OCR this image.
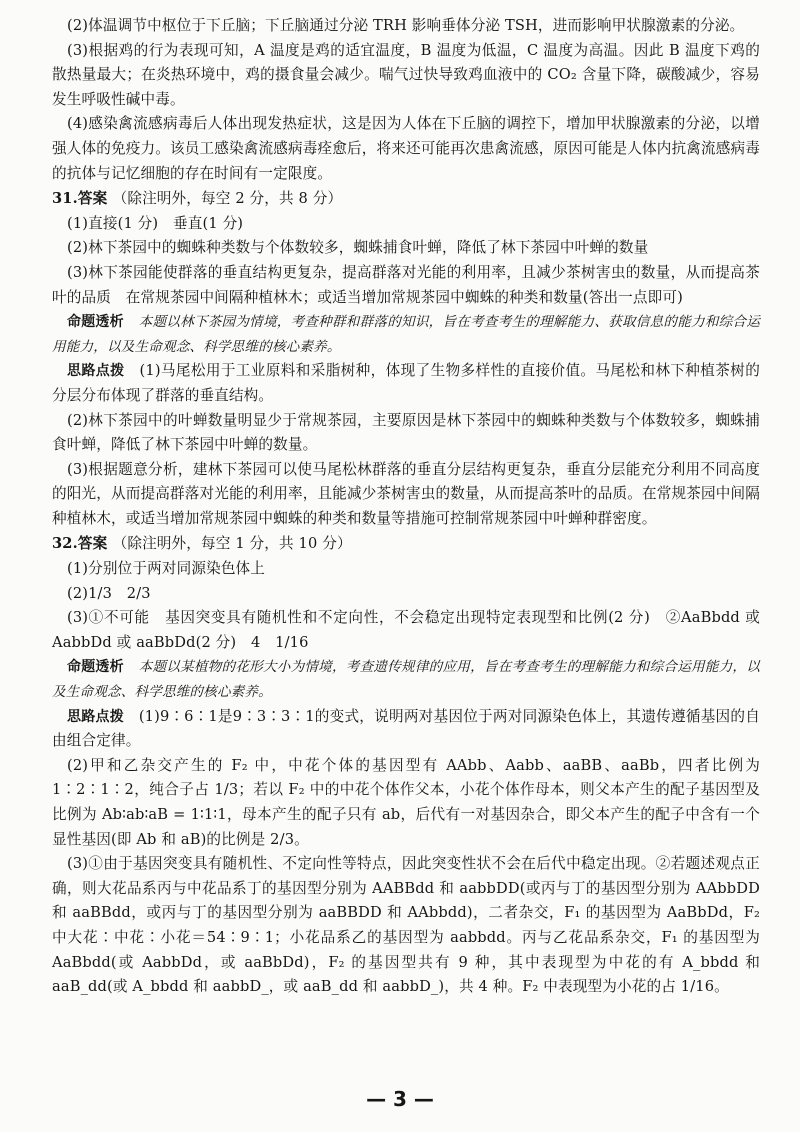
(2)体温调节中枢位于下丘脑；下丘脑通过分泌 TRH 影响垂体分泌 TSH，进而影响甲状腺激素的分泌。

(3)根据鸡的行为表现可知，A 温度是鸡的适宜温度，B 温度为低温，C 温度为高温。因此 B 温度下鸡的散热量最大；在炎热环境中，鸡的摄食量会减少。喘气过快导致鸡血液中的 CO₂ 含量下降，碳酸减少，容易发生呼吸性碱中毒。

(4)感染禽流感病毒后人体出现发热症状，这是因为人体在下丘脑的调控下，增加甲状腺激素的分泌，以增强人体的免疫力。该员工感染禽流感病毒痊愈后，将来还可能再次患禽流感，原因可能是人体内抗禽流感病毒的抗体与记忆细胞的存在时间有一定限度。

31.答案 （除注明外，每空 2 分，共 8 分）

(1)直接(1 分)　垂直(1 分)

(2)林下茶园中的蜘蛛种类数与个体数较多，蜘蛛捕食叶蝉，降低了林下茶园中叶蝉的数量

(3)林下茶园能使群落的垂直结构更复杂，提高群落对光能的利用率，且减少茶树害虫的数量，从而提高茶叶的品质　在常规茶园中间隔种植林木；或适当增加常规茶园中蜘蛛的种类和数量(答出一点即可)

命题透析　 本题以林下茶园为情境，考查种群和群落的知识，旨在考查考生的理解能力、获取信息的能力和综合运用能力，以及生命观念、科学思维的核心素养。

思路点拨　 (1)马尾松用于工业原料和采脂树种，体现了生物多样性的直接价值。马尾松和林下种植茶树的分层分布体现了群落的垂直结构。

(2)林下茶园中的叶蝉数量明显少于常规茶园，主要原因是林下茶园中的蜘蛛种类数与个体数较多，蜘蛛捕食叶蝉，降低了林下茶园中叶蝉的数量。

(3)根据题意分析，建林下茶园可以使马尾松林群落的垂直分层结构更复杂，垂直分层能充分利用不同高度的阳光，从而提高群落对光能的利用率，且能减少茶树害虫的数量，从而提高茶叶的品质。在常规茶园中间隔种植林木，或适当增加常规茶园中蜘蛛的种类和数量等措施可控制常规茶园中叶蝉种群密度。

32.答案 （除注明外，每空 1 分，共 10 分）

(1)分别位于两对同源染色体上

(2)1/3　2/3

(3)①不可能　基因突变具有随机性和不定向性，不会稳定出现特定表现型和比例(2 分)　②AaBbdd 或 AabbDd 或 aaBbDd(2 分)　4　1/16

命题透析　 本题以某植物的花形大小为情境，考查遗传规律的应用，旨在考查考生的理解能力和综合运用能力，以及生命观念、科学思维的核心素养。

思路点拨　 (1)9∶6∶1是9∶3∶3∶1的变式，说明两对基因位于两对同源染色体上，其遗传遵循基因的自由组合定律。

(2)甲和乙杂交产生的 F₂ 中，中花个体的基因型有 AAbb、Aabb、aaBB、aaBb，四者比例为 1∶2∶1∶2，纯合子占 1/3；若以 F₂ 中的中花个体作父本，小花个体作母本，则父本产生的配子基因型及比例为 Ab∶ab∶aB = 1∶1∶1，母本产生的配子只有 ab，后代有一对基因杂合，即父本产生的配子中含有一个显性基因(即 Ab 和 aB)的比例是 2/3。

(3)①由于基因突变具有随机性、不定向性等特点，因此突变性状不会在后代中稳定出现。②若题述观点正确，则大花品系丙与中花品系丁的基因型分别为 AABBdd 和 aabbDD(或丙与丁的基因型分别为 AAbbDD 和 aaBBdd，或丙与丁的基因型分别为 aaBBDD 和 AAbbdd)，二者杂交，F₁ 的基因型为 AaBbDd，F₂ 中大花∶中花∶小花＝54∶9∶1；小花品系乙的基因型为 aabbdd。丙与乙花品系杂交，F₁ 的基因型为 AaBbdd(或 AabbDd，或 aaBbDd)，F₂ 的基因型共有 9 种，其中表现型为中花的有 A_bbdd 和 aaB_dd(或 A_bbdd 和 aabbD_，或 aaB_dd 和 aabbD_)，共 4 种。F₂ 中表现型为小花的占 1/16。

— 3 —
